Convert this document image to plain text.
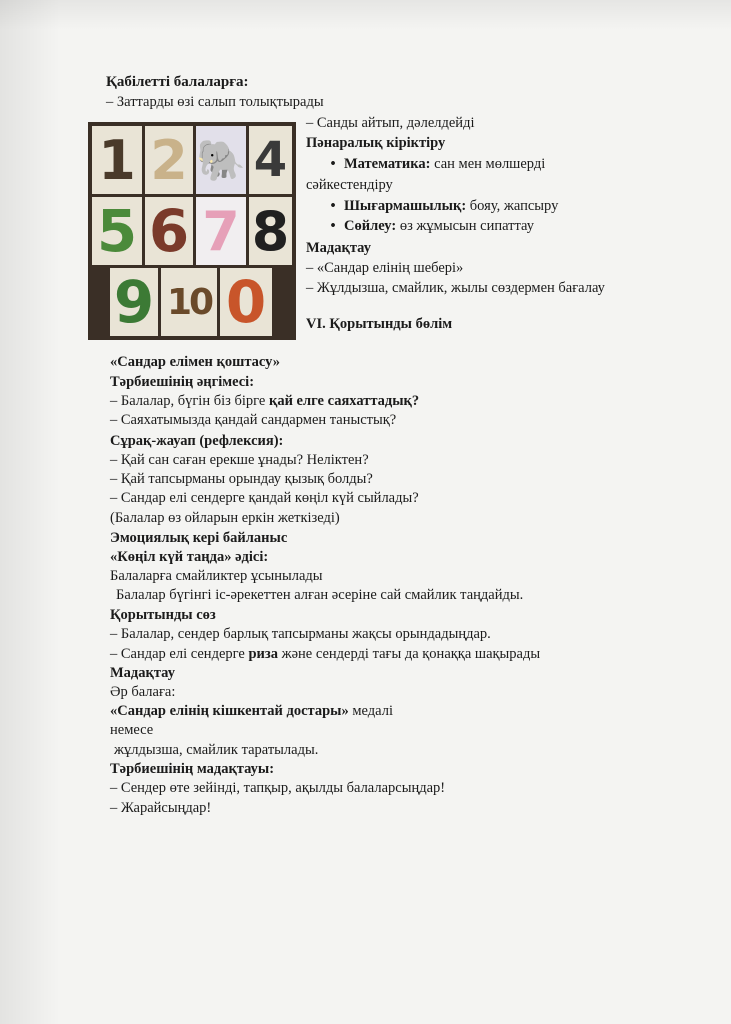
1 2 🐘 4
5 6 7 8
9 10 0
Қабілетті балаларға:
– Заттарды өзі салып толықтырады
– Санды айтып, дәлелдейді
Пәнаралық кіріктіру
• Математика: сан мен мөлшерді
сәйкестендіру
• Шығармашылық: бояу, жапсыру
• Сөйлеу: өз жұмысын сипаттау
Мадақтау
– «Сандар елінің шебері»
– Жұлдызша, смайлик, жылы сөздермен бағалау
VI. Қорытынды бөлім
«Сандар елімен қоштасу»
Тәрбиешінің әңгімесі:
– Балалар, бүгін біз бірге қай елге саяхаттадық?
– Саяхатымызда қандай сандармен таныстық?
Сұрақ-жауап (рефлексия):
– Қай сан саған ерекше ұнады? Неліктен?
– Қай тапсырманы орындау қызық болды?
– Сандар елі сендерге қандай көңіл күй сыйлады?
(Балалар өз ойларын еркін жеткізеді)
Эмоциялық кері байланыс
«Көңіл күй таңда» әдісі:
Балаларға смайликтер ұсынылады
Балалар бүгінгі іс-әрекеттен алған әсеріне сай смайлик таңдайды.
Қорытынды сөз
– Балалар, сендер барлық тапсырманы жақсы орындадыңдар.
– Сандар елі сендерге риза және сендерді тағы да қонаққа шақырады
Мадақтау
Әр балаға:
«Сандар елінің кішкентай достары» медалі
немесе
жұлдызша, смайлик таратылады.
Тәрбиешінің мадақтауы:
– Сендер өте зейінді, тапқыр, ақылды балаларсыңдар!
– Жарайсыңдар!
